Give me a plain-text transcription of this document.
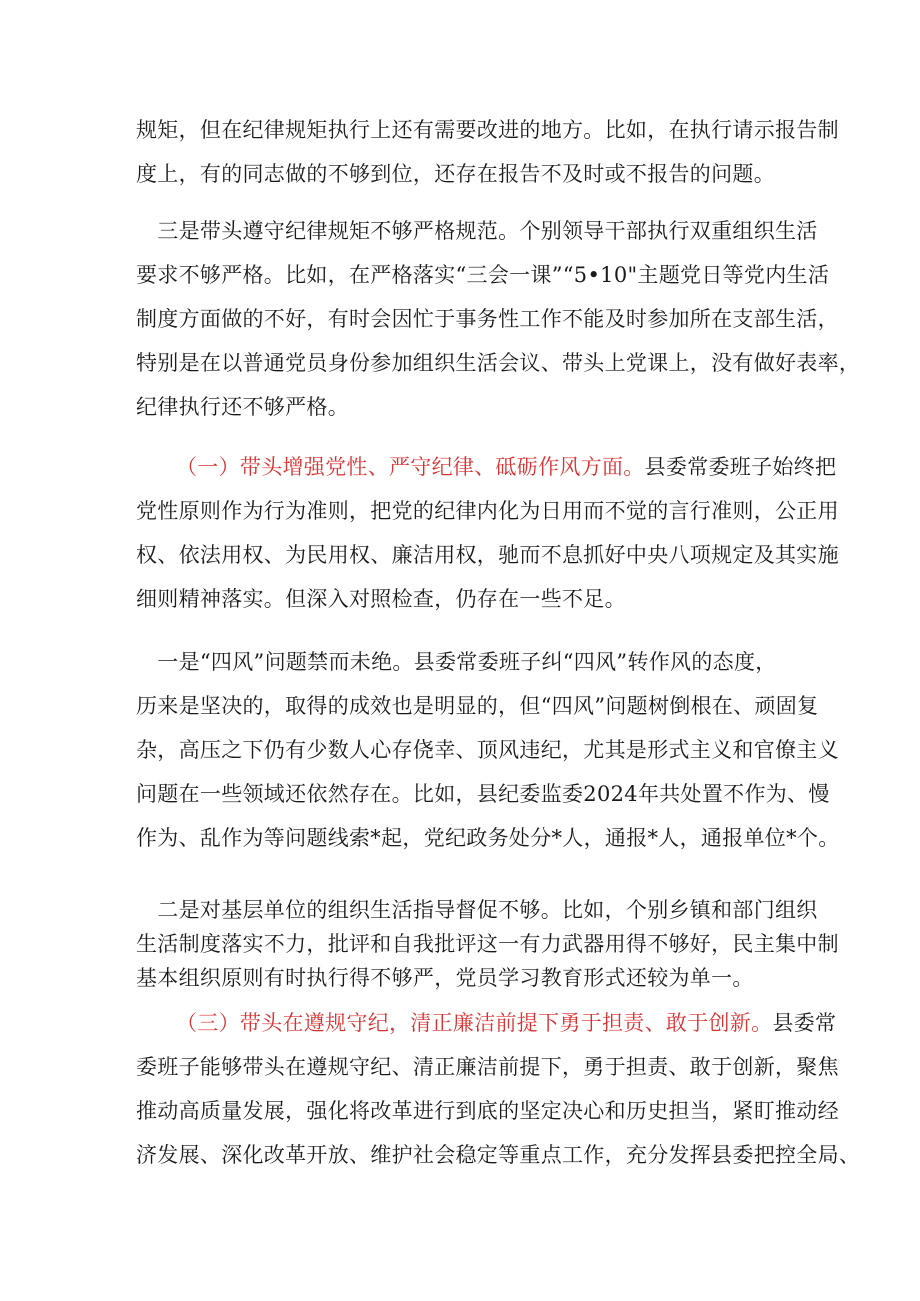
规矩，但在纪律规矩执行上还有需要改进的地方。比如，在执行请示报告制
度上，有的同志做的不够到位，还存在报告不及时或不报告的问题。
　三是带头遵守纪律规矩不够严格规范。个别领导干部执行双重组织生活
要求不够严格。比如，在严格落实“三会一课”“5•10"主题党日等党内生活
制度方面做的不好，有时会因忙于事务性工作不能及时参加所在支部生活，
特别是在以普通党员身份参加组织生活会议、带头上党课上，没有做好表率，
纪律执行还不够严格。
（一）带头增强党性、严守纪律、砥砺作风方面。县委常委班子始终把
党性原则作为行为准则，把党的纪律内化为日用而不觉的言行准则，公正用
权、依法用权、为民用权、廉洁用权，驰而不息抓好中央八项规定及其实施
细则精神落实。但深入对照检查，仍存在一些不足。
　一是“四风”问题禁而未绝。县委常委班子纠“四风”转作风的态度，
历来是坚决的，取得的成效也是明显的，但“四风”问题树倒根在、顽固复
杂，高压之下仍有少数人心存侥幸、顶风违纪，尤其是形式主义和官僚主义
问题在一些领域还依然存在。比如，县纪委监委2024年共处置不作为、慢
作为、乱作为等问题线索*起，党纪政务处分*人，通报*人，通报单位*个。
　二是对基层单位的组织生活指导督促不够。比如，个别乡镇和部门组织
生活制度落实不力，批评和自我批评这一有力武器用得不够好，民主集中制
基本组织原则有时执行得不够严，党员学习教育形式还较为单一。
（三）带头在遵规守纪，清正廉洁前提下勇于担责、敢于创新。县委常
委班子能够带头在遵规守纪、清正廉洁前提下，勇于担责、敢于创新，聚焦
推动高质量发展，强化将改革进行到底的坚定决心和历史担当，紧盯推动经
济发展、深化改革开放、维护社会稳定等重点工作，充分发挥县委把控全局、
